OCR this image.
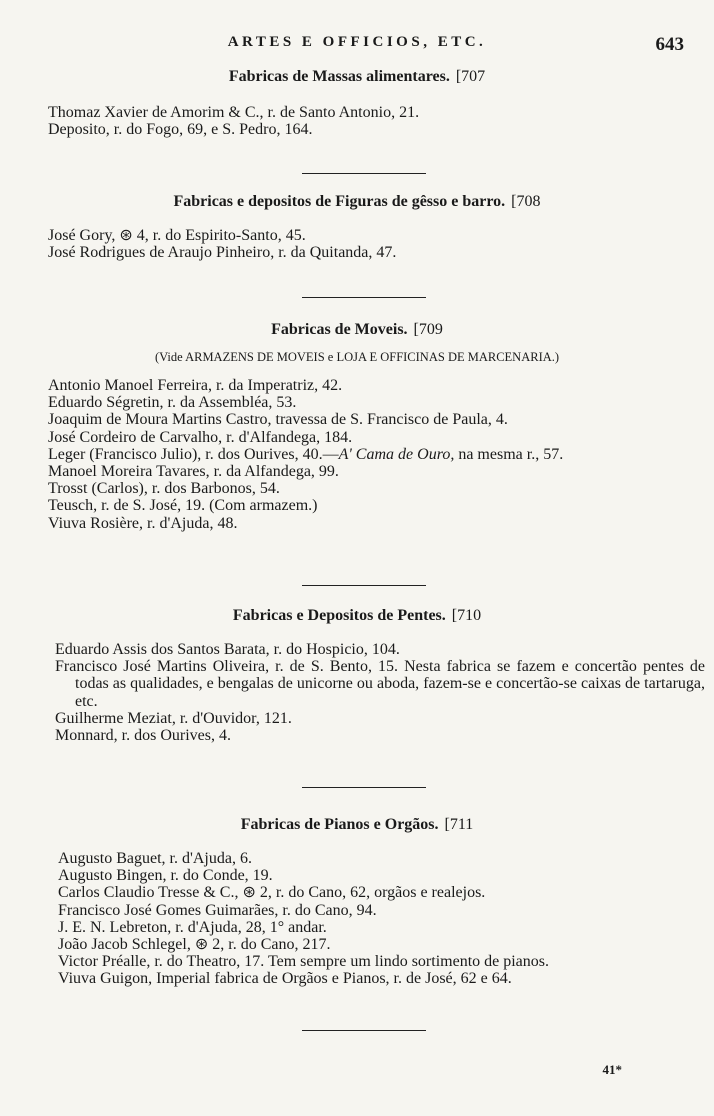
ARTES E OFFICIOS, ETC.	643
Fabricas de Massas alimentares. [707
Thomaz Xavier de Amorim & C., r. de Santo Antonio, 21.
Deposito, r. do Fogo, 69, e S. Pedro, 164.
Fabricas e depositos de Figuras de gêsso e barro. [708
José Gory, ⊛ 4, r. do Espirito-Santo, 45.
José Rodrigues de Araujo Pinheiro, r. da Quitanda, 47.
Fabricas de Moveis. [709
(Vide ARMAZENS DE MOVEIS e LOJA E OFFICINAS DE MARCENARIA.)
Antonio Manoel Ferreira, r. da Imperatriz, 42.
Eduardo Ségretin, r. da Assembléa, 53.
Joaquim de Moura Martins Castro, travessa de S. Francisco de Paula, 4.
José Cordeiro de Carvalho, r. d'Alfandega, 184.
Leger (Francisco Julio), r. dos Ourives, 40.—A' Cama de Ouro, na mesma r., 57.
Manoel Moreira Tavares, r. da Alfandega, 99.
Trosst (Carlos), r. dos Barbonos, 54.
Teusch, r. de S. José, 19. (Com armazem.)
Viuva Rosière, r. d'Ajuda, 48.
Fabricas e Depositos de Pentes. [710
Eduardo Assis dos Santos Barata, r. do Hospicio, 104.
Francisco José Martins Oliveira, r. de S. Bento, 15. Nesta fabrica se fazem e concertão pentes de todas as qualidades, e bengalas de unicorne ou aboda, fazem-se e concertão-se caixas de tartaruga, etc.
Guilherme Meziat, r. d'Ouvidor, 121.
Monnard, r. dos Ourives, 4.
Fabricas de Pianos e Orgãos. [711
Augusto Baguet, r. d'Ajuda, 6.
Augusto Bingen, r. do Conde, 19.
Carlos Claudio Tresse & C., ⊛ 2, r. do Cano, 62, orgãos e realejos.
Francisco José Gomes Guimarães, r. do Cano, 94.
J. E. N. Lebreton, r. d'Ajuda, 28, 1° andar.
João Jacob Schlegel, ⊛ 2, r. do Cano, 217.
Victor Préalle, r. do Theatro, 17. Tem sempre um lindo sortimento de pianos.
Viuva Guigon, Imperial fabrica de Orgãos e Pianos, r. de José, 62 e 64.
41*
